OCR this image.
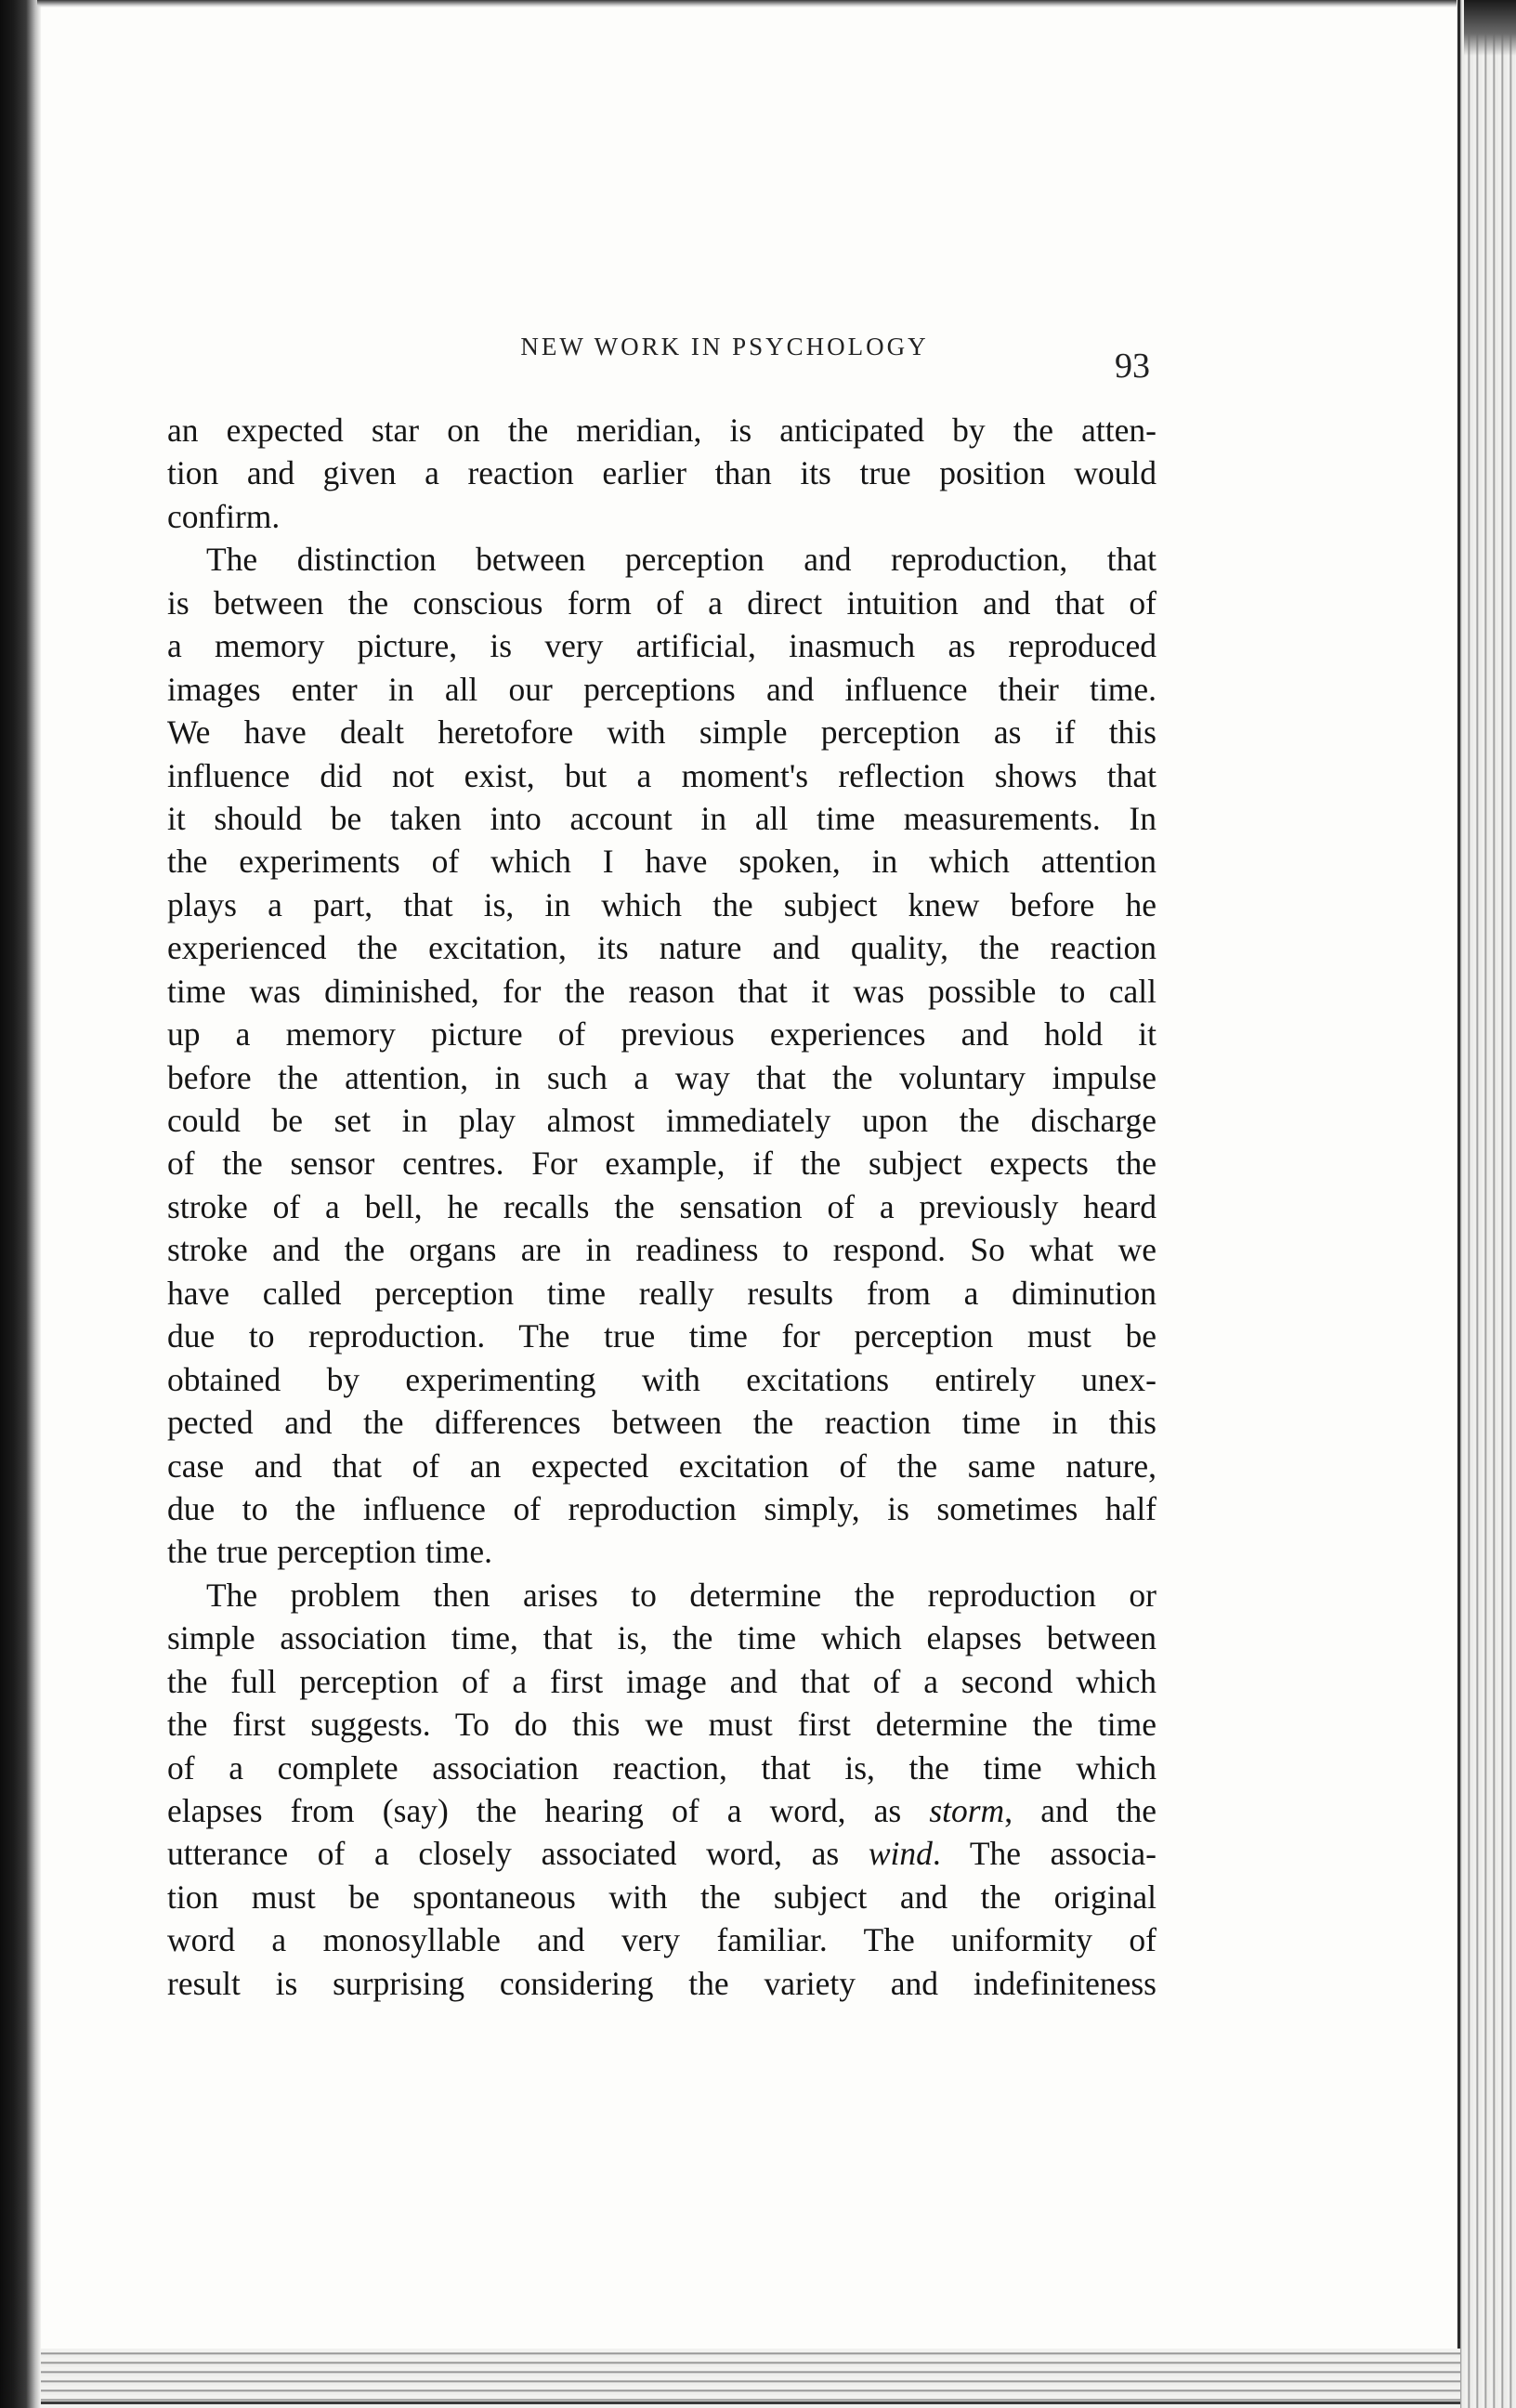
NEW WORK IN PSYCHOLOGY	93
an expected star on the meridian, is anticipated by the atten-
tion and given a reaction earlier than its true position would
confirm.
The distinction between perception and reproduction, that
is between the conscious form of a direct intuition and that of
a memory picture, is very artificial, inasmuch as reproduced
images enter in all our perceptions and influence their time.
We have dealt heretofore with simple perception as if this
influence did not exist, but a moment's reflection shows that
it should be taken into account in all time measurements. In
the experiments of which I have spoken, in which attention
plays a part, that is, in which the subject knew before he
experienced the excitation, its nature and quality, the reaction
time was diminished, for the reason that it was possible to call
up a memory picture of previous experiences and hold it
before the attention, in such a way that the voluntary impulse
could be set in play almost immediately upon the discharge
of the sensor centres. For example, if the subject expects the
stroke of a bell, he recalls the sensation of a previously heard
stroke and the organs are in readiness to respond. So what we
have called perception time really results from a diminution
due to reproduction. The true time for perception must be
obtained by experimenting with excitations entirely unex-
pected and the differences between the reaction time in this
case and that of an expected excitation of the same nature,
due to the influence of reproduction simply, is sometimes half
the true perception time.
The problem then arises to determine the reproduction or
simple association time, that is, the time which elapses between
the full perception of a first image and that of a second which
the first suggests. To do this we must first determine the time
of a complete association reaction, that is, the time which
elapses from (say) the hearing of a word, as storm, and the
utterance of a closely associated word, as wind. The associa-
tion must be spontaneous with the subject and the original
word a monosyllable and very familiar. The uniformity of
result is surprising considering the variety and indefiniteness
